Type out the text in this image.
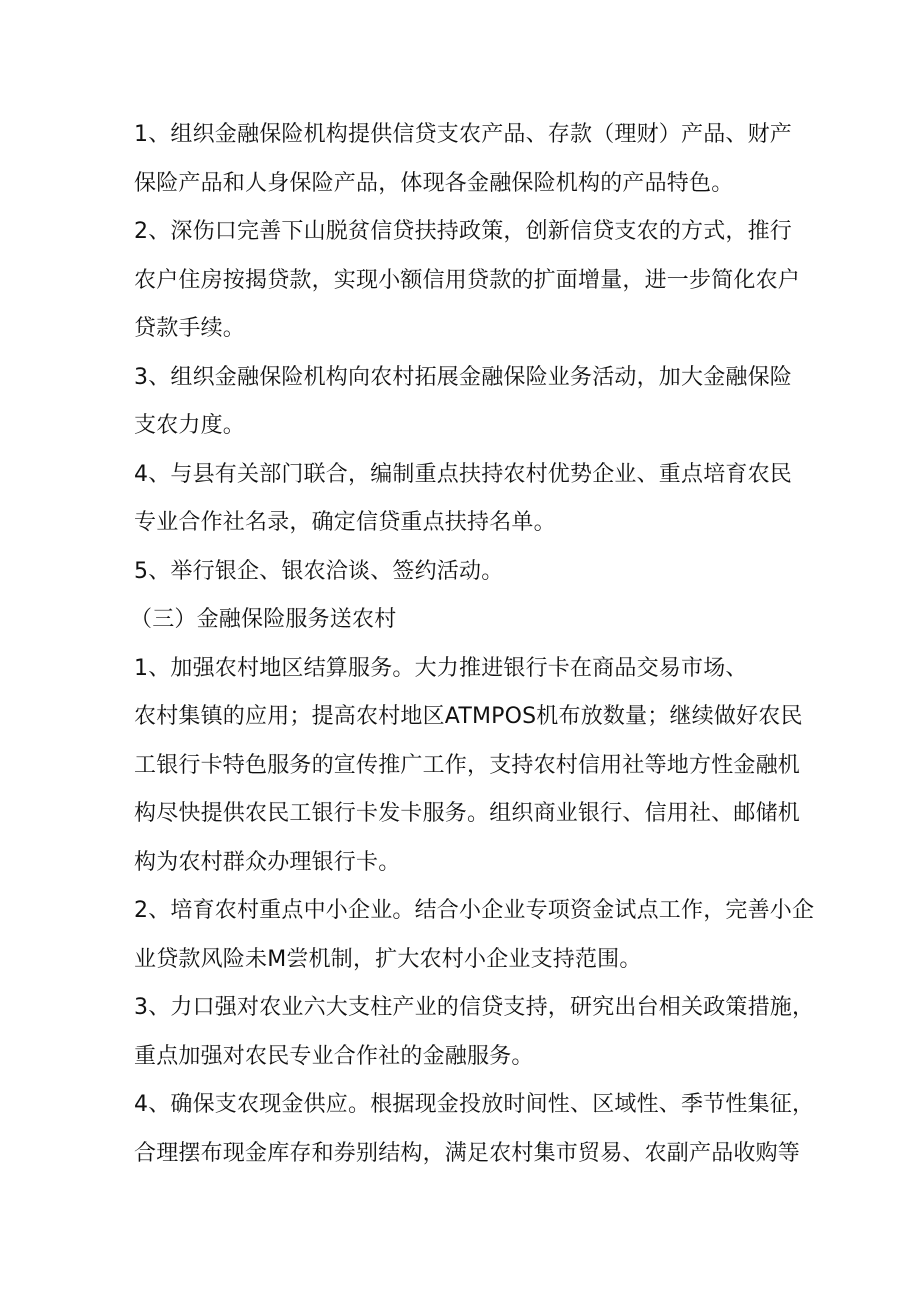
1、组织金融保险机构提供信贷支农产品、存款（理财）产品、财产
保险产品和人身保险产品，体现各金融保险机构的产品特色。
2、深伤口完善下山脱贫信贷扶持政策，创新信贷支农的方式，推行
农户住房按揭贷款，实现小额信用贷款的扩面增量，进一步简化农户
贷款手续。
3、组织金融保险机构向农村拓展金融保险业务活动，加大金融保险
支农力度。
4、与县有关部门联合，编制重点扶持农村优势企业、重点培育农民
专业合作社名录，确定信贷重点扶持名单。
5、举行银企、银农洽谈、签约活动。
（三）金融保险服务送农村
1、加强农村地区结算服务。大力推进银行卡在商品交易市场、
农村集镇的应用；提高农村地区ATMPOS机布放数量；继续做好农民
工银行卡特色服务的宣传推广工作，支持农村信用社等地方性金融机
构尽快提供农民工银行卡发卡服务。组织商业银行、信用社、邮储机
构为农村群众办理银行卡。
2、培育农村重点中小企业。结合小企业专项资金试点工作，完善小企
业贷款风险未M尝机制，扩大农村小企业支持范围。
3、力口强对农业六大支柱产业的信贷支持，研究出台相关政策措施，
重点加强对农民专业合作社的金融服务。
4、确保支农现金供应。根据现金投放时间性、区域性、季节性集征，
合理摆布现金库存和券别结构，满足农村集市贸易、农副产品收购等
